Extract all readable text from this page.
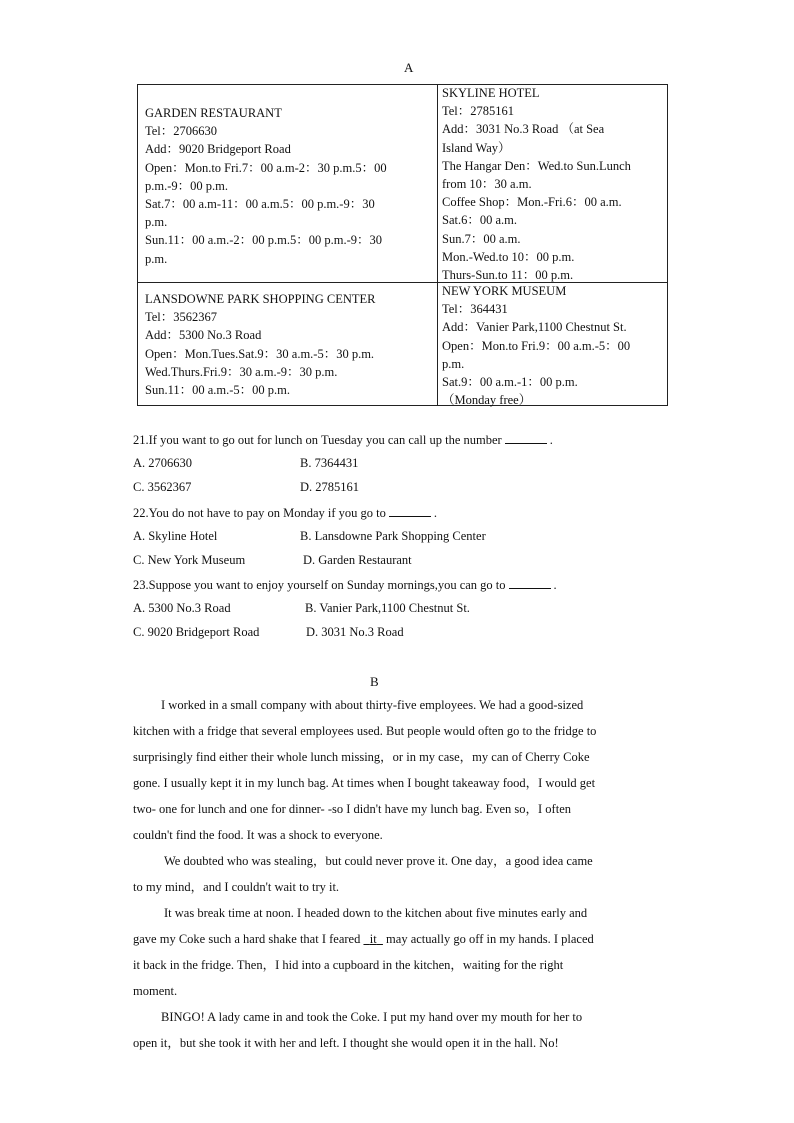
A
GARDEN RESTAURANT
Tel：2706630
Add：9020 Bridgeport Road
Open：Mon.to Fri.7：00 a.m-2：30 p.m.5：00
p.m.-9：00 p.m.
Sat.7：00 a.m-11：00 a.m.5：00 p.m.-9：30
p.m.
Sun.11：00 a.m.-2：00 p.m.5：00 p.m.-9：30
p.m.
SKYLINE HOTEL
Tel：2785161
Add：3031 No.3 Road （at Sea
Island Way）
The Hangar Den：Wed.to Sun.Lunch
from 10：30 a.m.
Coffee Shop：Mon.-Fri.6：00 a.m.
Sat.6：00 a.m.
Sun.7：00 a.m.
Mon.-Wed.to 10：00 p.m.
Thurs-Sun.to 11：00 p.m.
LANSDOWNE PARK SHOPPING CENTER
Tel：3562367
Add：5300 No.3 Road
Open：Mon.Tues.Sat.9：30 a.m.-5：30 p.m.
Wed.Thurs.Fri.9：30 a.m.-9：30 p.m.
Sun.11：00 a.m.-5：00 p.m.
NEW YORK MUSEUM
Tel：364431
Add：Vanier Park,1100 Chestnut St.
Open：Mon.to Fri.9：00 a.m.-5：00
p.m.
Sat.9：00 a.m.-1：00 p.m.
（Monday free）
21.If you want to go out for lunch on Tuesday you can call up the number	.
A. 2706630	B. 7364431
C. 3562367	D. 2785161
22.You do not have to pay on Monday if you go to	.
A. Skyline Hotel	B. Lansdowne Park Shopping Center
C. New York Museum	D. Garden Restaurant
23.Suppose you want to enjoy yourself on Sunday mornings,you can go to	.
A. 5300 No.3 Road	B. Vanier Park,1100 Chestnut St.
C. 9020 Bridgeport Road	D. 3031 No.3 Road
B
I worked in a small company with about thirty-five employees. We had a good-sized
kitchen with a fridge that several employees used. But people would often go to the fridge to
surprisingly find either their whole lunch missing，or in my case，my can of Cherry Coke
gone. I usually kept it in my lunch bag. At times when I bought takeaway food，I would get
two- one for lunch and one for dinner- -so I didn't have my lunch bag. Even so，I often
couldn't find the food. It was a shock to everyone.
We doubted who was stealing，but could never prove it. One day，a good idea came
to my mind，and I couldn't wait to try it.
It was break time at noon. I headed down to the kitchen about five minutes early and
gave my Coke such a hard shake that I feared it may actually go off in my hands. I placed
it back in the fridge. Then，I hid into a cupboard in the kitchen，waiting for the right
moment.
BINGO! A lady came in and took the Coke. I put my hand over my mouth for her to
open it，but she took it with her and left. I thought she would open it in the hall. No!
